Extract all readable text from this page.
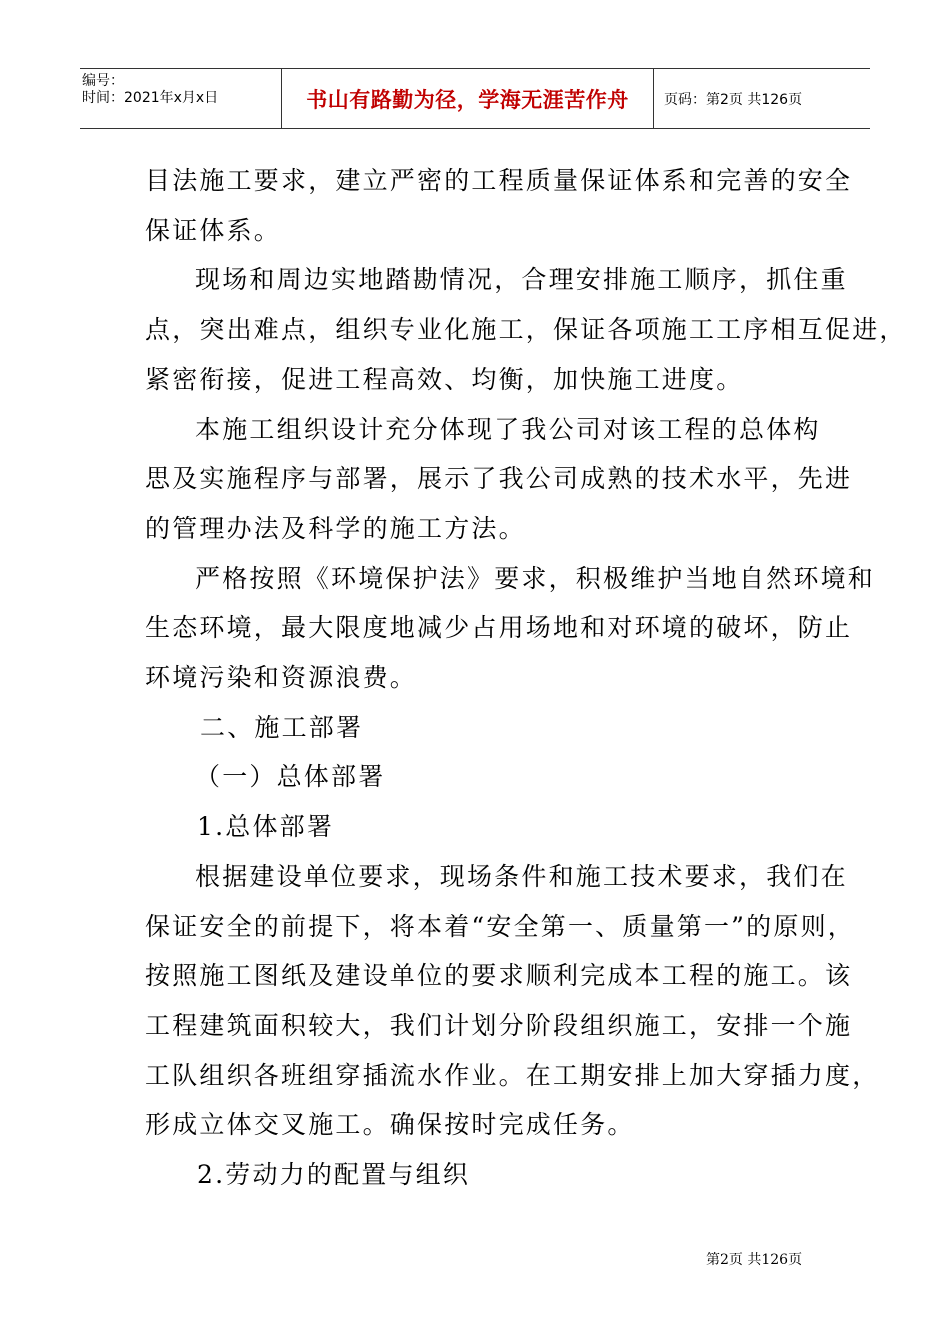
编号：
时间：2021年x月x日	书山有路勤为径，学海无涯苦作舟	页码：第2页 共126页
目法施工要求，建立严密的工程质量保证体系和完善的安全
保证体系。
现场和周边实地踏勘情况，合理安排施工顺序，抓住重
点，突出难点，组织专业化施工，保证各项施工工序相互促进，
紧密衔接，促进工程高效、均衡，加快施工进度。
本施工组织设计充分体现了我公司对该工程的总体构
思及实施程序与部署，展示了我公司成熟的技术水平，先进
的管理办法及科学的施工方法。
严格按照《环境保护法》要求，积极维护当地自然环境和
生态环境，最大限度地减少占用场地和对环境的破坏，防止
环境污染和资源浪费。
二、施工部署
（一）总体部署
1.总体部署
根据建设单位要求，现场条件和施工技术要求，我们在
保证安全的前提下，将本着“安全第一、质量第一”的原则，
按照施工图纸及建设单位的要求顺利完成本工程的施工。该
工程建筑面积较大，我们计划分阶段组织施工，安排一个施
工队组织各班组穿插流水作业。在工期安排上加大穿插力度，
形成立体交叉施工。确保按时完成任务。
2.劳动力的配置与组织
第2页 共126页
